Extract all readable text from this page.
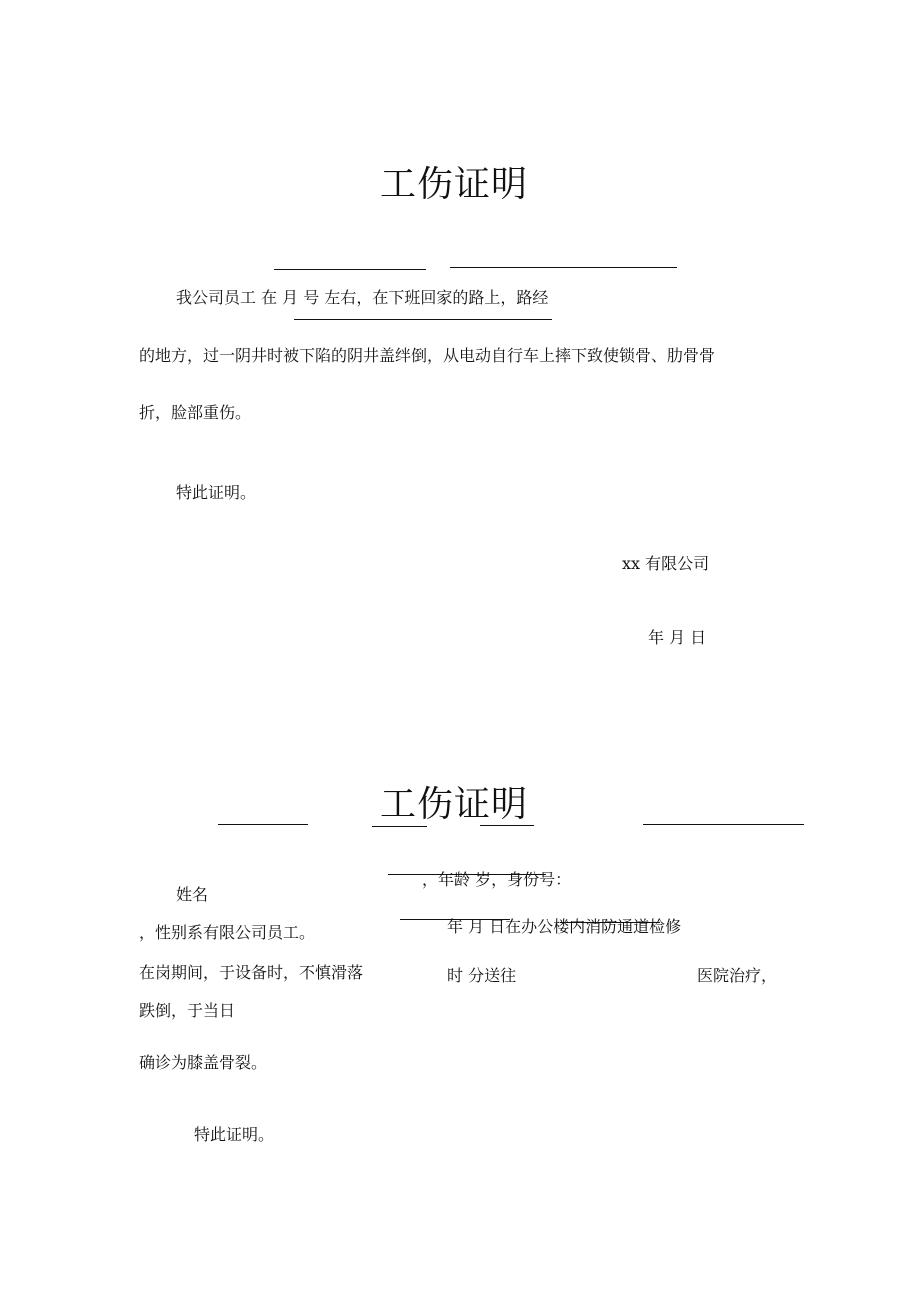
工伤证明
我公司员工 在 月 号 左右，在下班回家的路上，路经
的地方，过一阴井时被下陷的阴井盖绊倒，从电动自行车上摔下致使锁骨、肋骨骨
折，脸部重伤。
特此证明。
xx 有限公司
年 月 日
工伤证明
，年龄 岁，身份号：
姓名
，性别系有限公司员工。	年 月 日在办公楼内消防通道检修
在岗期间，于设备时，不慎滑落	时 分送往	医院治疗，
跌倒，于当日
确诊为膝盖骨裂。
特此证明。
